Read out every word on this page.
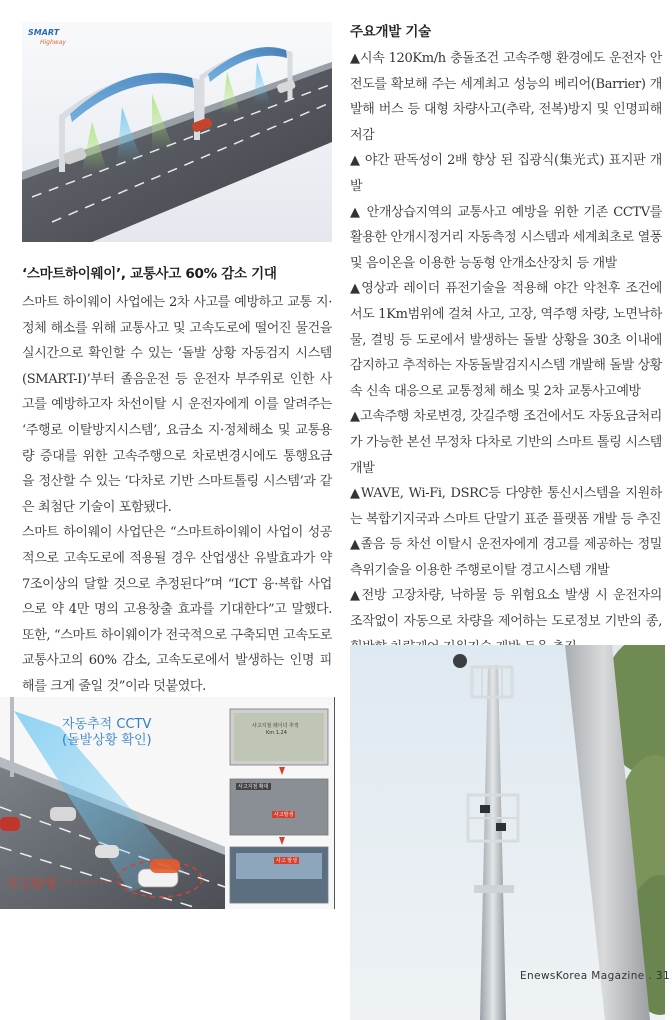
SMART
Highway
‘스마트하이웨이’, 교통사고 60% 감소 기대

스마트 하이웨이 사업에는 2차 사고를 예방하고 교통 지·정체 해소를 위해 교통사고 및 고속도로에 떨어진 물건을 실시간으로 확인할 수 있는 ‘돌발 상황 자동검지 시스템(SMART-I)’부터 졸음운전 등 운전자 부주위로 인한 사고를 예방하고자 차선이탈 시 운전자에게 이를 알려주는 ‘주행로 이탈방지시스템’, 요금소 지·정체해소 및 교통용량 증대를 위한 고속주행으로 차로변경시에도 통행요금을 정산할 수 있는 ‘다차로 기반 스마트톨링 시스템’과 같은 최첨단 기술이 포함됐다.

스마트 하이웨이 사업단은 “스마트하이웨이 사업이 성공적으로 고속도로에 적용될 경우 산업생산 유발효과가 약 7조이상의 달할 것으로 추정된다”며 “ICT 융·복합 사업으로 약 4만 명의 고용창출 효과를 기대한다”고 말했다. 또한, “스마트 하이웨이가 전국적으로 구축되면 고속도로 교통사고의 60% 감소, 고속도로에서 발생하는 인명 피해를 크게 줄일 것”이라 덧붙였다.

주요개발 기술

▲시속 120Km/h 충돌조건 고속주행 환경에도 운전자 안전도를 확보해 주는 세계최고 성능의 베리어(Barrier) 개발해 버스 등 대형 차량사고(추락, 전복)방지 및 인명피해 저감

▲ 야간 판독성이 2배 향상 된 집광식(集光式) 표지판 개발

▲ 안개상습지역의 교통사고 예방을 위한 기존 CCTV를 활용한 안개시정거리 자동측정 시스템과 세계최초로 열풍 및 음이온을 이용한 능동형 안개소산장치 등 개발

▲영상과 레이더 퓨전기술을 적용해 야간 악천후 조건에서도 1Km범위에 걸쳐 사고, 고장, 역주행 차량, 노면낙하물, 결빙 등 도로에서 발생하는 돌발 상황을 30초 이내에 감지하고 추적하는 자동돌발검지시스템 개발해 돌발 상황 속 신속 대응으로 교통정체 해소 및 2차 교통사고예방

▲고속주행 차로변경, 갓길주행 조건에서도 자동요금처리가 가능한 본선 무정차 다차로 기반의 스마트 톨링 시스템 개발

▲WAVE, Wi-Fi, DSRC등 다양한 통신시스템을 지원하는 복합기지국과 스마트 단말기 표준 플랫폼 개발 등 추진

▲졸음 등 차선 이탈시 운전자에게 경고를 제공하는 정밀측위기술을 이용한 주행로이탈 경고시스템 개발

▲전방 고장차량, 낙하물 등 위험요소 발생 시 운전자의 조작없이 자동으로 차량을 제어하는 도로정보 기반의 종,

자동추적 CCTV
(돌발상황 확인)
사고발생
사고지점 레이더 추적
Km 1.24
사고지점 확대
사고발생
사고 발생
EnewsKorea Magazine . 31
